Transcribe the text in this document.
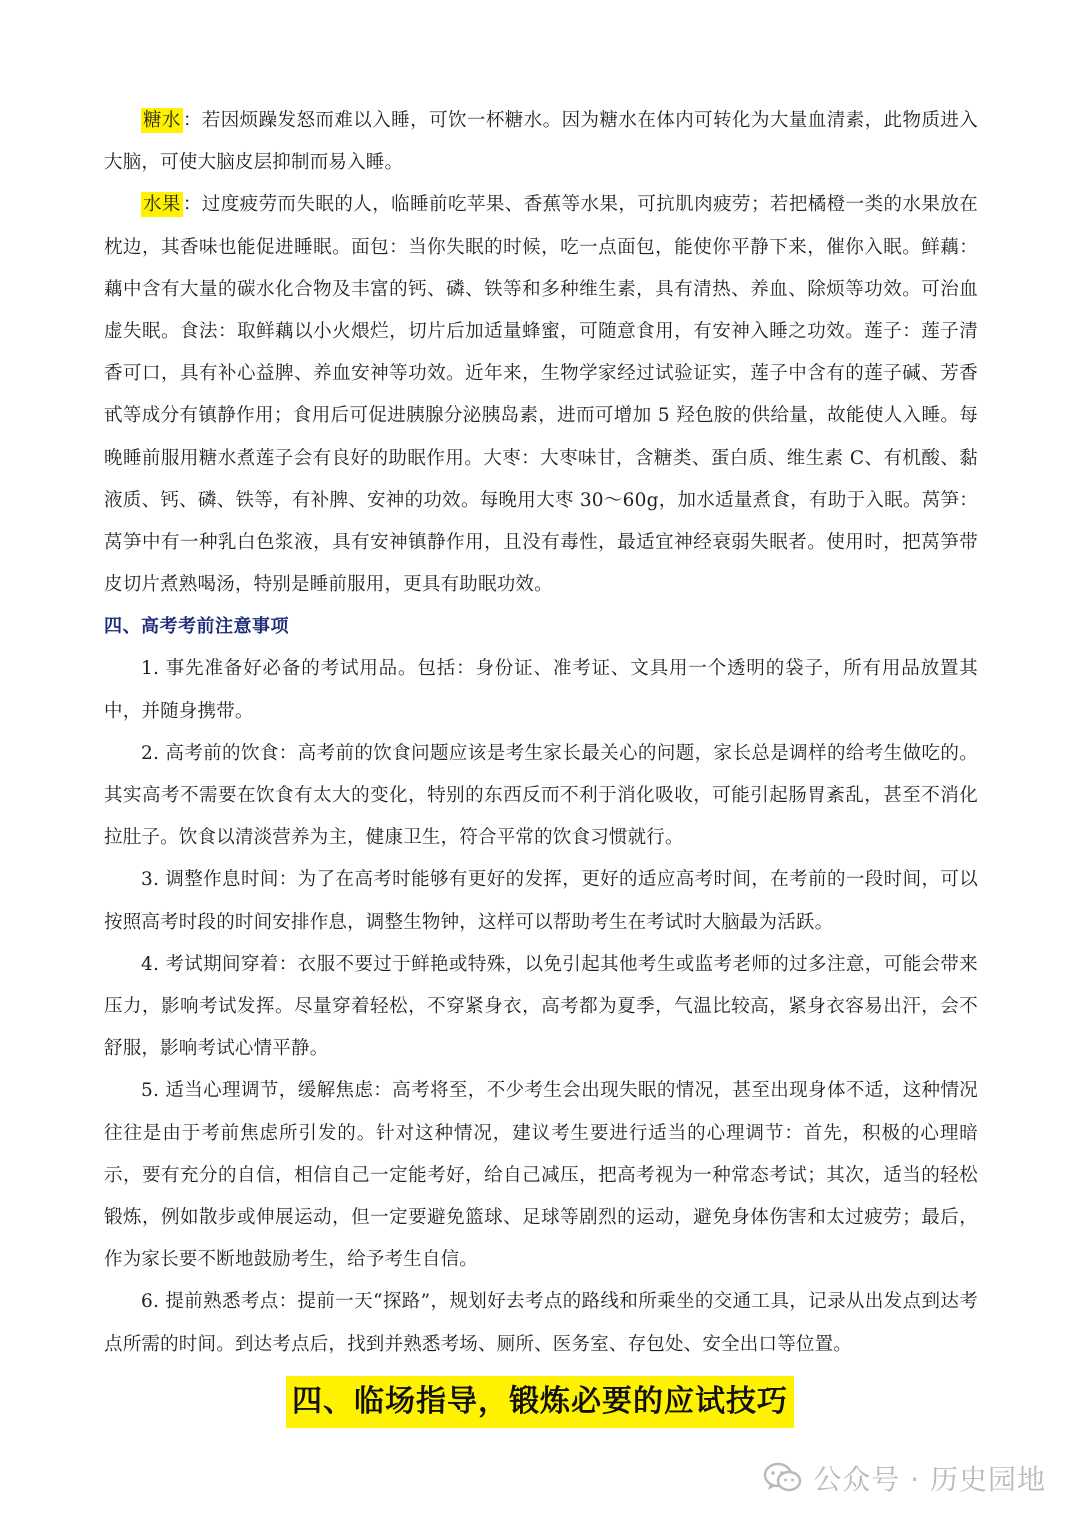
糖水 ：若因烦躁发怒而难以入睡，可饮一杯糖水。因为糖水在体内可转化为大量血清素，此物质进入大脑，可使大脑皮层抑制而易入睡。

水果 ：过度疲劳而失眠的人，临睡前吃苹果、香蕉等水果，可抗肌肉疲劳；若把橘橙一类的水果放在枕边，其香味也能促进睡眠。面包：当你失眠的时候，吃一点面包，能使你平静下来，催你入眠。鲜藕：藕中含有大量的碳水化合物及丰富的钙、磷、铁等和多种维生素，具有清热、养血、除烦等功效。可治血虚失眠。食法：取鲜藕以小火煨烂，切片后加适量蜂蜜，可随意食用，有安神入睡之功效。莲子：莲子清香可口，具有补心益脾、养血安神等功效。近年来，生物学家经过试验证实，莲子中含有的莲子碱、芳香甙等成分有镇静作用；食用后可促进胰腺分泌胰岛素，进而可增加 5 羟色胺的供给量，故能使人入睡。每晚睡前服用糖水煮莲子会有良好的助眠作用。大枣：大枣味甘，含糖类、蛋白质、维生素 C、有机酸、黏液质、钙、磷、铁等，有补脾、安神的功效。每晚用大枣 30～60g，加水适量煮食，有助于入眠。莴笋：莴笋中有一种乳白色浆液，具有安神镇静作用，且没有毒性，最适宜神经衰弱失眠者。使用时，把莴笋带皮切片煮熟喝汤，特别是睡前服用，更具有助眠功效。

四、高考考前注意事项

1. 事先准备好必备的考试用品。包括：身份证、准考证、文具用一个透明的袋子，所有用品放置其中，并随身携带。

2. 高考前的饮食：高考前的饮食问题应该是考生家长最关心的问题，家长总是调样的给考生做吃的。其实高考不需要在饮食有太大的变化，特别的东西反而不利于消化吸收，可能引起肠胃紊乱，甚至不消化拉肚子。饮食以清淡营养为主，健康卫生，符合平常的饮食习惯就行。

3. 调整作息时间：为了在高考时能够有更好的发挥，更好的适应高考时间，在考前的一段时间，可以按照高考时段的时间安排作息，调整生物钟，这样可以帮助考生在考试时大脑最为活跃。

4. 考试期间穿着：衣服不要过于鲜艳或特殊，以免引起其他考生或监考老师的过多注意，可能会带来压力，影响考试发挥。尽量穿着轻松，不穿紧身衣，高考都为夏季，气温比较高，紧身衣容易出汗，会不舒服，影响考试心情平静。

5. 适当心理调节，缓解焦虑：高考将至，不少考生会出现失眠的情况，甚至出现身体不适，这种情况往往是由于考前焦虑所引发的。针对这种情况，建议考生要进行适当的心理调节：首先，积极的心理暗示，要有充分的自信，相信自己一定能考好，给自己减压，把高考视为一种常态考试；其次，适当的轻松锻炼，例如散步或伸展运动，但一定要避免篮球、足球等剧烈的运动，避免身体伤害和太过疲劳；最后，作为家长要不断地鼓励考生，给予考生自信。

6. 提前熟悉考点：提前一天“探路”，规划好去考点的路线和所乘坐的交通工具，记录从出发点到达考点所需的时间。到达考点后，找到并熟悉考场、厕所、医务室、存包处、安全出口等位置。

四、临场指导，锻炼必要的应试技巧
公众号 · 历史园地
